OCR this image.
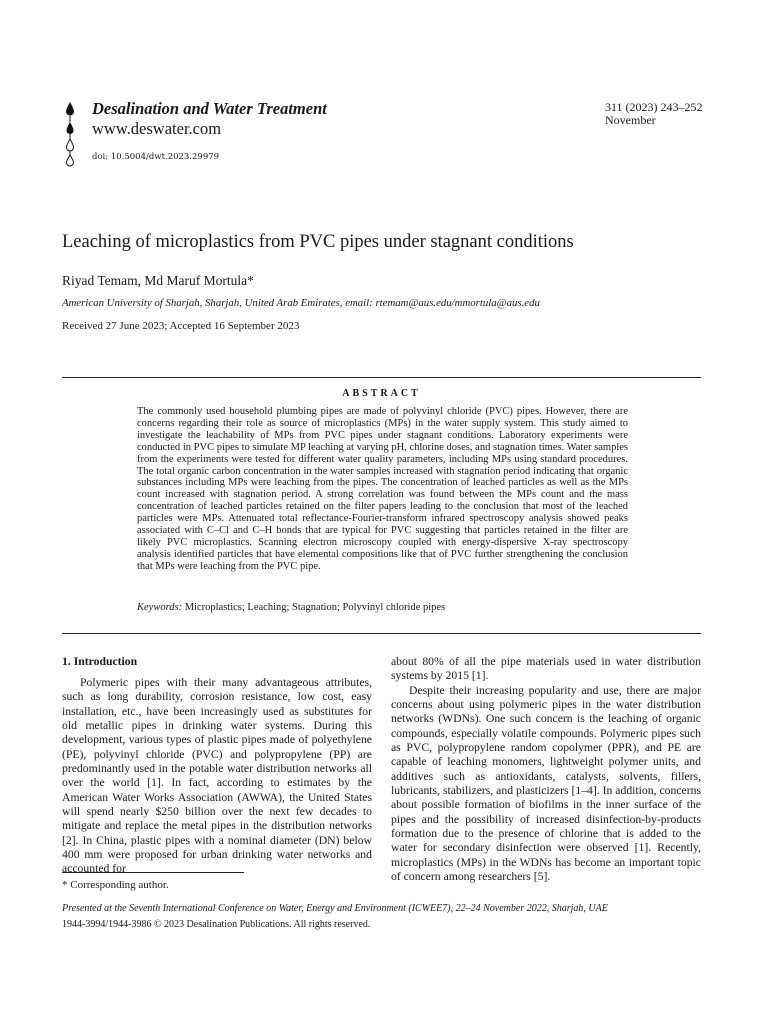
Desalination and Water Treatment
www.deswater.com
doi: 10.5004/dwt.2023.29979
311 (2023) 243–252
November
Leaching of microplastics from PVC pipes under stagnant conditions
Riyad Temam, Md Maruf Mortula*
American University of Sharjah, Sharjah, United Arab Emirates, email: rtemam@aus.edu/mmortula@aus.edu
Received 27 June 2023; Accepted 16 September 2023
ABSTRACT

The commonly used household plumbing pipes are made of polyvinyl chloride (PVC) pipes. However, there are concerns regarding their role as source of microplastics (MPs) in the water supply system. This study aimed to investigate the leachability of MPs from PVC pipes under stagnant conditions. Laboratory experiments were conducted in PVC pipes to simulate MP leaching at varying pH, chlorine doses, and stagnation times. Water samples from the experiments were tested for different water quality parameters, including MPs using standard procedures. The total organic carbon concentration in the water samples increased with stagnation period indicating that organic substances including MPs were leaching from the pipes. The concentration of leached particles as well as the MPs count increased with stagnation period. A strong correlation was found between the MPs count and the mass concentration of leached particles retained on the filter papers leading to the conclusion that most of the leached particles were MPs. Attenuated total reflectance-Fourier-transform infrared spectroscopy analysis showed peaks associated with C–Cl and C–H bonds that are typical for PVC suggesting that particles retained in the filter are likely PVC microplastics. Scanning electron microscopy coupled with energy-dispersive X-ray spectroscopy analysis identified particles that have elemental compositions like that of PVC further strengthening the conclusion that MPs were leaching from the PVC pipe.

Keywords: Microplastics; Leaching; Stagnation; Polyvinyl chloride pipes
1. Introduction

Polymeric pipes with their many advantageous attributes, such as long durability, corrosion resistance, low cost, easy installation, etc., have been increasingly used as substitutes for old metallic pipes in drinking water systems. During this development, various types of plastic pipes made of polyethylene (PE), polyvinyl chloride (PVC) and polypropylene (PP) are predominantly used in the potable water distribution networks all over the world [1]. In fact, according to estimates by the American Water Works Association (AWWA), the United States will spend nearly $250 billion over the next few decades to mitigate and replace the metal pipes in the distribution networks [2]. In China, plastic pipes with a nominal diameter (DN) below 400 mm were proposed for urban drinking water networks and accounted for

about 80% of all the pipe materials used in water distribution systems by 2015 [1].

Despite their increasing popularity and use, there are major concerns about using polymeric pipes in the water distribution networks (WDNs). One such concern is the leaching of organic compounds, especially volatile compounds. Polymeric pipes such as PVC, polypropylene random copolymer (PPR), and PE are capable of leaching monomers, lightweight polymer units, and additives such as antioxidants, catalysts, solvents, fillers, lubricants, stabilizers, and plasticizers [1–4]. In addition, concerns about possible formation of biofilms in the inner surface of the pipes and the possibility of increased disinfection-by-products formation due to the presence of chlorine that is added to the water for secondary disinfection were observed [1]. Recently, microplastics (MPs) in the WDNs has become an important topic of concern among researchers [5].

* Corresponding author.
Presented at the Seventh International Conference on Water, Energy and Environment (ICWEE7), 22–24 November 2022, Sharjah, UAE
1944-3994/1944-3986 © 2023 Desalination Publications. All rights reserved.
